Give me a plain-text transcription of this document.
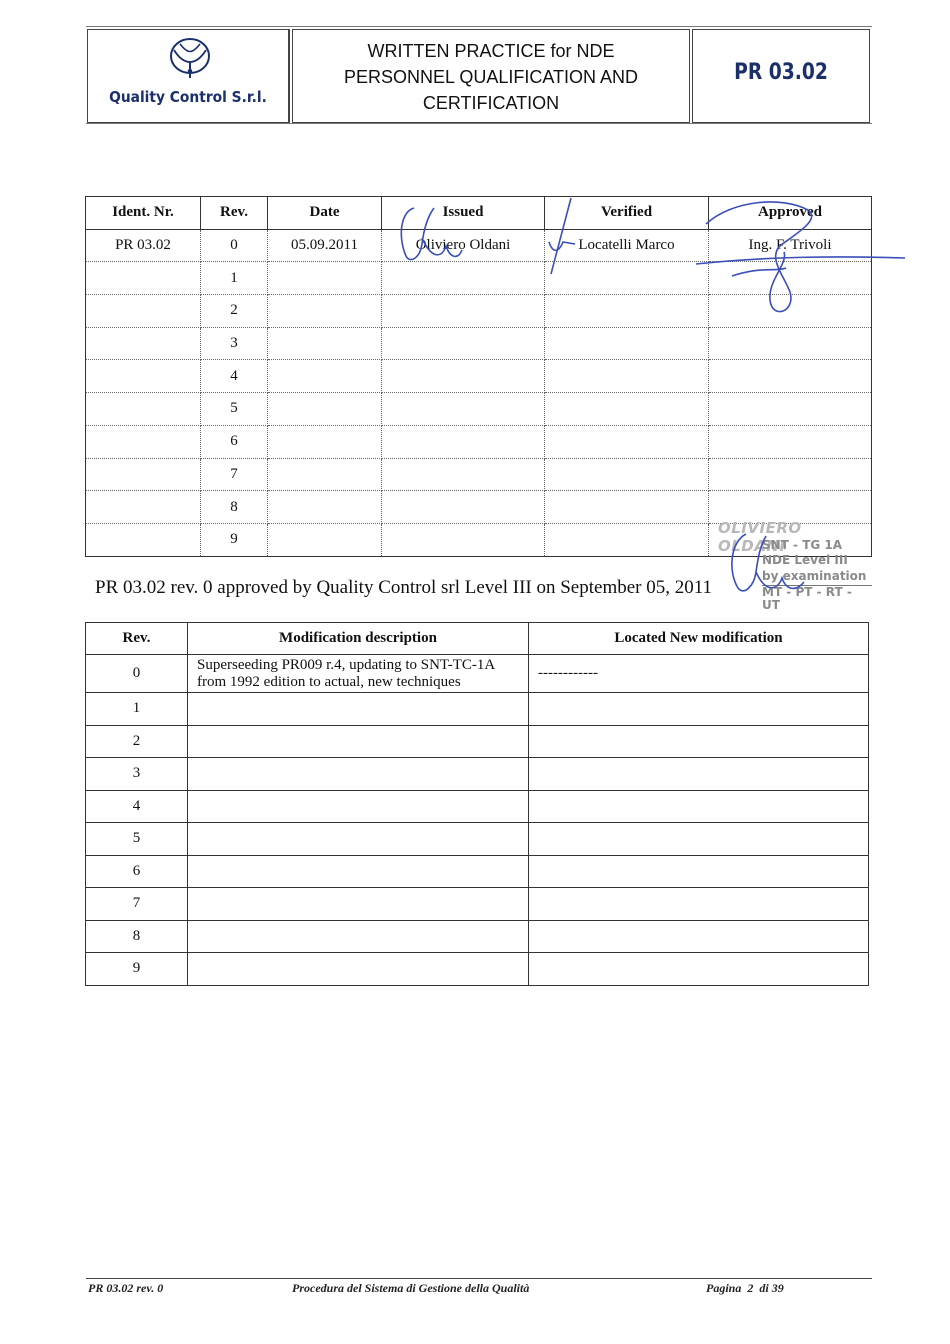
Quality Control S.r.l.
WRITTEN PRACTICE for NDE
PERSONNEL QUALIFICATION AND
CERTIFICATION
PR 03.02
Ident. Nr.	Rev.	Date	Issued	Verified	Approved
PR 03.02	0	05.09.2011	Oliviero Oldani	Locatelli Marco	Ing. F. Trivoli
	1				
	2				
	3				
	4				
	5				
	6				
	7				
	8				
	9				
OLIVIERO OLDANI
SNT - TG 1A
NDE Level III
by examination
MT - PT - RT - UT
PR 03.02 rev. 0 approved by Quality Control srl Level III on September 05, 2011
Rev.	Modification description	Located New modification
0	Superseeding PR009 r.4, updating to SNT-TC-1A
from 1992 edition to actual, new techniques	------------
1		
2		
3		
4		
5		
6		
7		
8		
9		
PR 03.02 rev. 0	Procedura del Sistema di Gestione della Qualità	Pagina 2 di 39
